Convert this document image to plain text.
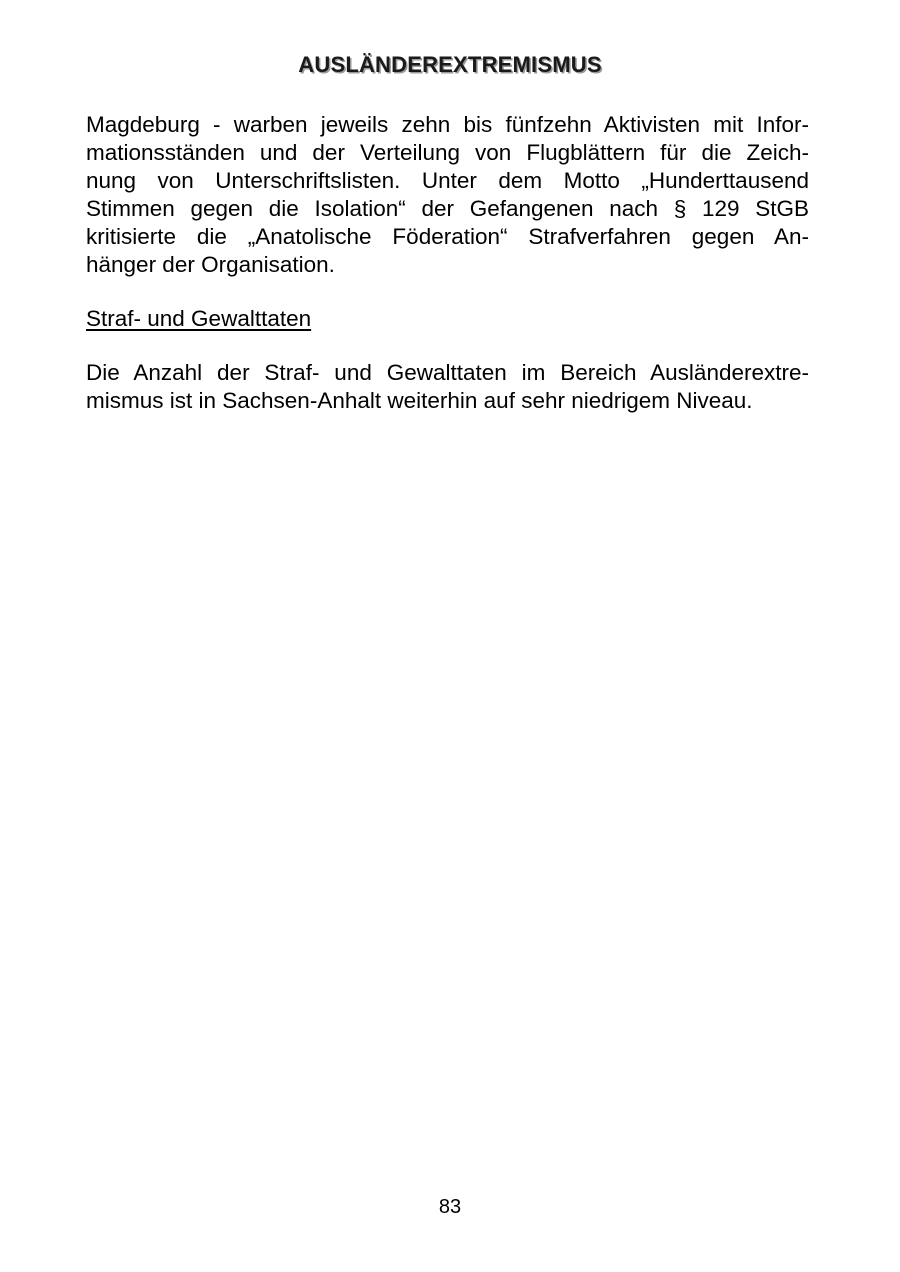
AUSLÄNDEREXTREMISMUS

Magdeburg - warben jeweils zehn bis fünfzehn Aktivisten mit Infor-
mationsständen und der Verteilung von Flugblättern für die Zeich-
nung von Unterschriftslisten. Unter dem Motto „Hunderttausend
Stimmen gegen die Isolation“ der Gefangenen nach § 129 StGB
kritisierte die „Anatolische Föderation“ Strafverfahren gegen An-
hänger der Organisation.

Straf- und Gewalttaten

Die Anzahl der Straf- und Gewalttaten im Bereich Ausländerextre-
mismus ist in Sachsen-Anhalt weiterhin auf sehr niedrigem Niveau.

83
